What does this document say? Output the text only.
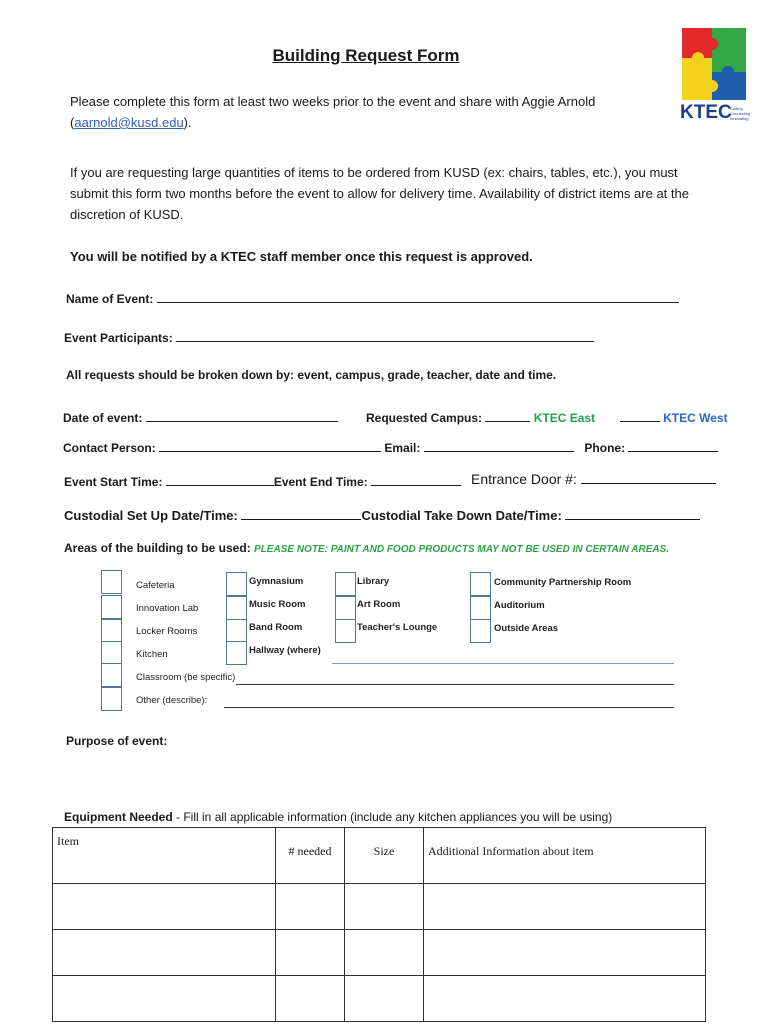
Building Request Form
KTEC
Coding
Connecting
Innovating
Please complete this form at least two weeks prior to the event and share with Aggie Arnold
(aarnold@kusd.edu).
If you are requesting large quantities of items to be ordered from KUSD (ex: chairs, tables, etc.), you must submit this form two months before the event to allow for delivery time. Availability of district items are at the discretion of KUSD.
You will be notified by a KTEC staff member once this request is approved.
Name of Event:
Event Participants:
All requests should be broken down by: event, campus, grade, teacher, date and time.
Date of event:	Requested Campus:	KTEC East	KTEC West
Contact Person:	Email:	Phone:
Event Start Time:	Event End Time:	Entrance Door #:
Custodial Set Up Date/Time:	Custodial Take Down Date/Time:
Areas of the building to be used: PLEASE NOTE: PAINT AND FOOD PRODUCTS MAY NOT BE USED IN CERTAIN AREAS.
Cafeteria
Innovation Lab
Locker Rooms
Kitchen
Classroom (be specific)
Other (describe):
Gymnasium
Music Room
Band Room
Hallway (where)
Library
Art Room
Teacher's Lounge
Community Partnership Room
Auditorium
Outside Areas
Purpose of event:
Equipment Needed - Fill in all applicable information (include any kitchen appliances you will be using)
Item	# needed	Size	Additional Information about item
